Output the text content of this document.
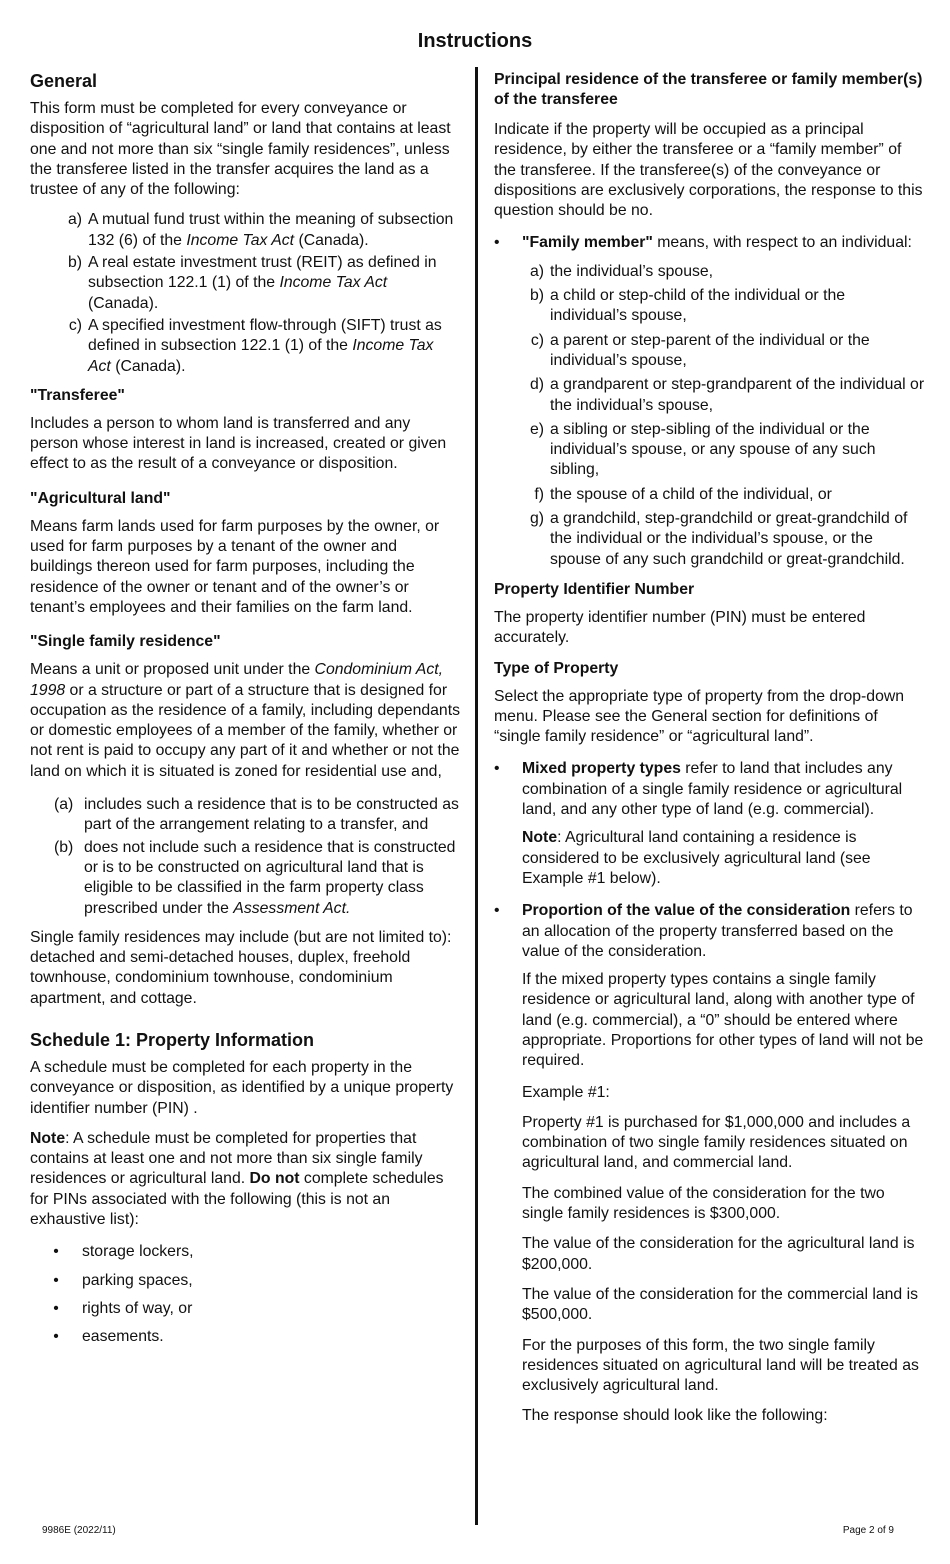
Instructions
General

This form must be completed for every conveyance or disposition of “agricultural land” or land that contains at least one and not more than six “single family residences”, unless the transferee listed in the transfer acquires the land as a trustee of any of the following:

a) A mutual fund trust within the meaning of subsection 132 (6) of the Income Tax Act (Canada).
b) A real estate investment trust (REIT) as defined in subsection 122.1 (1) of the Income Tax Act (Canada).
c) A specified investment flow-through (SIFT) trust as defined in subsection 122.1 (1) of the Income Tax Act (Canada).
"Transferee"

Includes a person to whom land is transferred and any person whose interest in land is increased, created or given effect to as the result of a conveyance or disposition.

"Agricultural land"

Means farm lands used for farm purposes by the owner, or used for farm purposes by a tenant of the owner and buildings thereon used for farm purposes, including the residence of the owner or tenant and of the owner’s or tenant’s employees and their families on the farm land.

"Single family residence"

Means a unit or proposed unit under the Condominium Act, 1998 or a structure or part of a structure that is designed for occupation as the residence of a family, including dependants or domestic employees of a member of the family, whether or not rent is paid to occupy any part of it and whether or not the land on which it is situated is zoned for residential use and,

(a) includes such a residence that is to be constructed as part of the arrangement relating to a transfer, and
(b) does not include such a residence that is constructed or is to be constructed on agricultural land that is eligible to be classified in the farm property class prescribed under the Assessment Act.

Single family residences may include (but are not limited to): detached and semi-detached houses, duplex, freehold townhouse, condominium townhouse, condominium apartment, and cottage.

Schedule 1: Property Information

A schedule must be completed for each property in the conveyance or disposition, as identified by a unique property identifier number (PIN) .

Note: A schedule must be completed for properties that contains at least one and not more than six single family residences or agricultural land. Do not complete schedules for PINs associated with the following (this is not an exhaustive list):

•	storage lockers,
•	parking spaces,
•	rights of way, or
•	easements.
Principal residence of the transferee or family member(s) of the transferee

Indicate if the property will be occupied as a principal residence, by either the transferee or a “family member” of the transferee. If the transferee(s) of the conveyance or dispositions are exclusively corporations, the response to this question should be no.

•	"Family member" means, with respect to an individual:
a) the individual’s spouse,
b) a child or step-child of the individual or the individual’s spouse,
c) a parent or step-parent of the individual or the individual’s spouse,
d) a grandparent or step-grandparent of the individual or the individual’s spouse,
e) a sibling or step-sibling of the individual or the individual’s spouse, or any spouse of any such sibling,
f) the spouse of a child of the individual, or
g) a grandchild, step-grandchild or great-grandchild of the individual or the individual’s spouse, or the spouse of any such grandchild or great-grandchild.
Property Identifier Number

The property identifier number (PIN) must be entered accurately.

Type of Property

Select the appropriate type of property from the drop-down menu. Please see the General section for definitions of “single family residence” or “agricultural land”.

•	Mixed property types refer to land that includes any combination of a single family residence or agricultural land, and any other type of land (e.g. commercial).

Note: Agricultural land containing a residence is considered to be exclusively agricultural land (see Example #1 below).

•	Proportion of the value of the consideration refers to an allocation of the property transferred based on the value of the consideration.

If the mixed property types contains a single family residence or agricultural land, along with another type of land (e.g. commercial), a “0” should be entered where appropriate. Proportions for other types of land will not be required.

Example #1:

Property #1 is purchased for $1,000,000 and includes a combination of two single family residences situated on agricultural land, and commercial land.

The combined value of the consideration for the two single family residences is $300,000.

The value of the consideration for the agricultural land is $200,000.

The value of the consideration for the commercial land is $500,000.

For the purposes of this form, the two single family residences situated on agricultural land will be treated as exclusively agricultural land.

The response should look like the following:

9986E (2022/11)	Page 2 of 9
